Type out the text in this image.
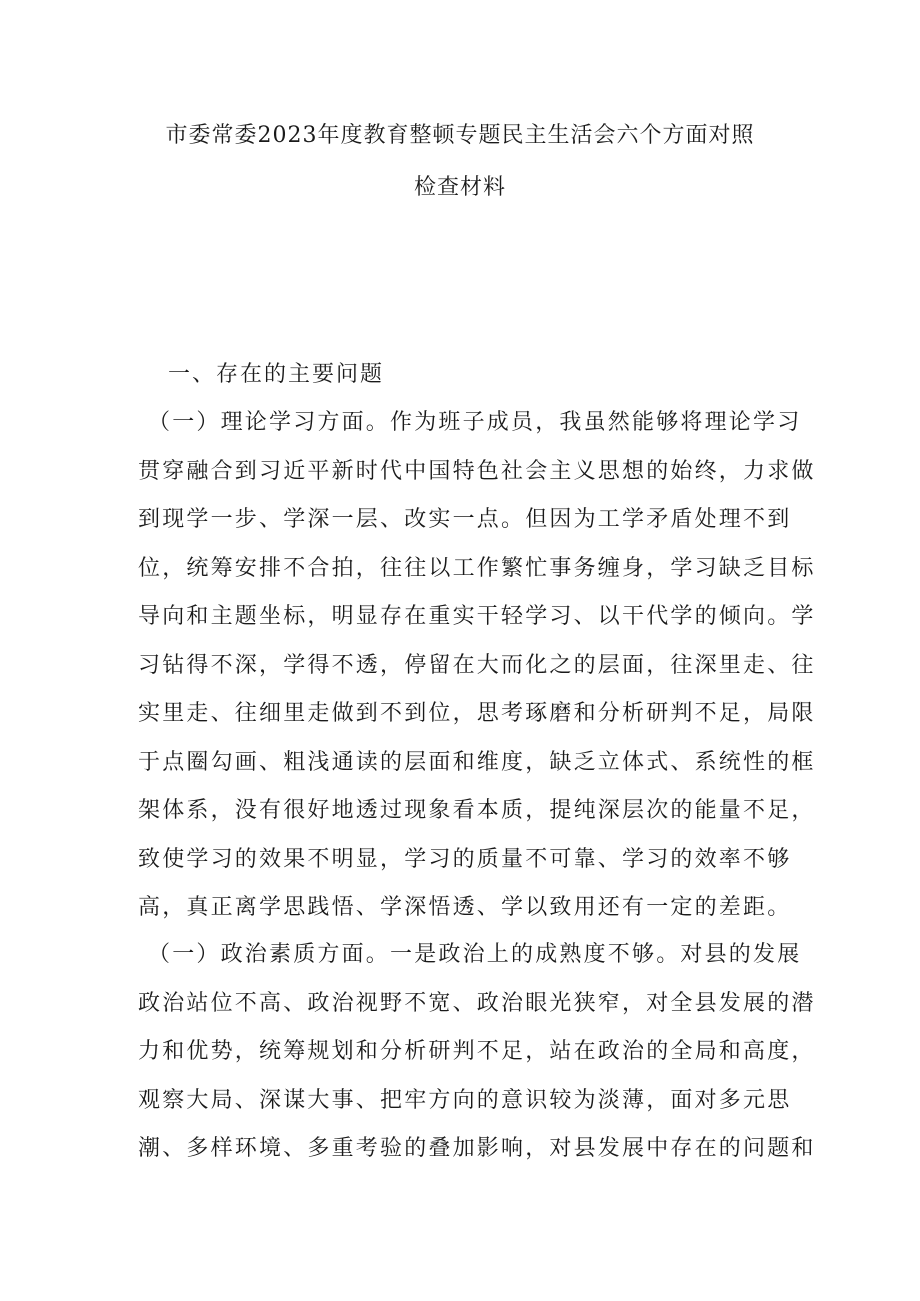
市委常委2023年度教育整顿专题民主生活会六个方面对照
检查材料
一、存在的主要问题
（一）理论学习方面。作为班子成员，我虽然能够将理论学习
贯穿融合到习近平新时代中国特色社会主义思想的始终，力求做
到现学一步、学深一层、改实一点。但因为工学矛盾处理不到
位，统筹安排不合拍，往往以工作繁忙事务缠身，学习缺乏目标
导向和主题坐标，明显存在重实干轻学习、以干代学的倾向。学
习钻得不深，学得不透，停留在大而化之的层面，往深里走、往
实里走、往细里走做到不到位，思考琢磨和分析研判不足，局限
于点圈勾画、粗浅通读的层面和维度，缺乏立体式、系统性的框
架体系，没有很好地透过现象看本质，提纯深层次的能量不足，
致使学习的效果不明显，学习的质量不可靠、学习的效率不够
高，真正离学思践悟、学深悟透、学以致用还有一定的差距。
（一）政治素质方面。一是政治上的成熟度不够。对县的发展
政治站位不高、政治视野不宽、政治眼光狭窄，对全县发展的潜
力和优势，统筹规划和分析研判不足，站在政治的全局和高度，
观察大局、深谋大事、把牢方向的意识较为淡薄，面对多元思
潮、多样环境、多重考验的叠加影响，对县发展中存在的问题和
